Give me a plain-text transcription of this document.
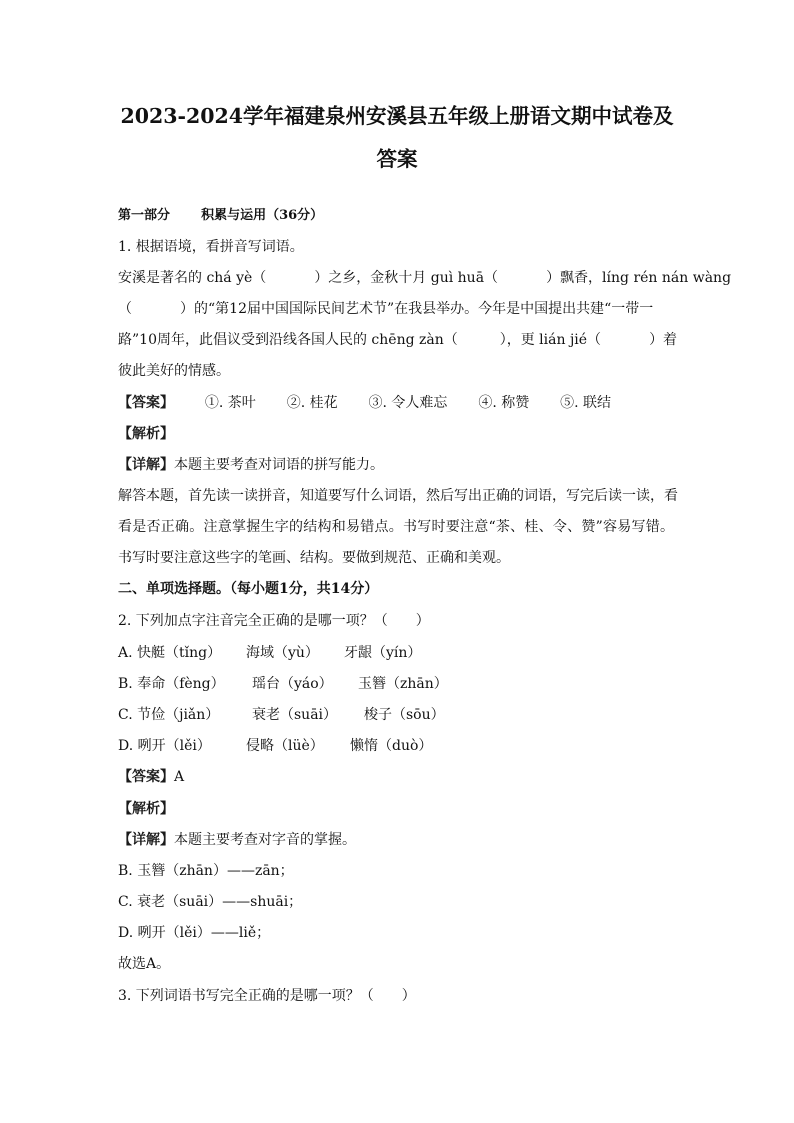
2023-2024学年福建泉州安溪县五年级上册语文期中试卷及
答案
第一部分 积累与运用（36分）
1. 根据语境，看拼音写词语。
安溪是著名的 chá yè（	）之乡，金秋十月 guì huā（	）飘香，líng rén nán wàng
（	）的“第12届中国国际民间艺术节”在我县举办。今年是中国提出共建“一带一
路”10周年，此倡议受到沿线各国人民的 chēng zàn（	），更 lián jié（	）着
彼此美好的情感。
【答案】 ①. 茶叶 ②. 桂花 ③. 令人难忘 ④. 称赞 ⑤. 联结
【解析】
【详解】本题主要考查对词语的拼写能力。
解答本题，首先读一读拼音，知道要写什么词语，然后写出正确的词语，写完后读一读，看
看是否正确。注意掌握生字的结构和易错点。书写时要注意“茶、桂、令、赞”容易写错。
书写时要注意这些字的笔画、结构。要做到规范、正确和美观。
二、单项选择题。（每小题1分，共14分）
2. 下列加点字注音完全正确的是哪一项？（　　）
A. 快艇（tǐng） 海域（yù） 牙龈（yín）
B. 奉命（fèng） 瑶台（yáo） 玉簪（zhān）
C. 节俭（jiǎn） 衰老（suāi） 梭子（sōu）
D. 咧开（lěi）	侵略（lüè） 懒惰（duò）
【答案】A
【解析】
【详解】本题主要考查对字音的掌握。
B. 玉簪（zhān）——zān；
C. 衰老（suāi）——shuāi；
D. 咧开（lěi）——liě；
故选A。
3. 下列词语书写完全正确的是哪一项？（　　）
